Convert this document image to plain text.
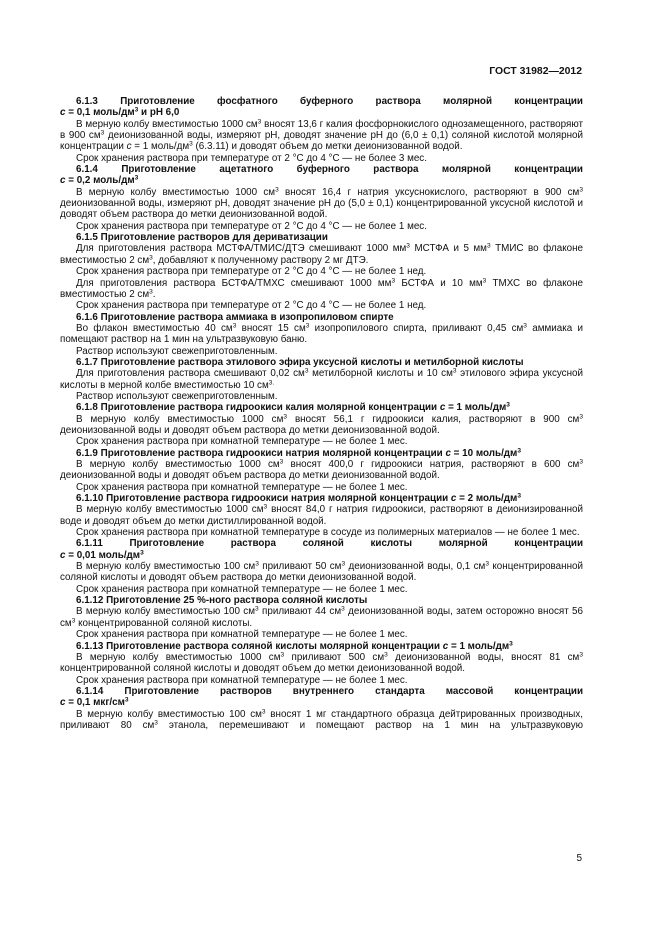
ГОСТ 31982—2012

6.1.3 Приготовление фосфатного буферного раствора молярной концентрации

c = 0,1 моль/$дм^3$ и pH 6,0

В мерную колбу вместимостью 1000 $см^3$ вносят 13,6 г калия фосфорнокислого однозамещенного, растворяют в 900 $см^3$ деионизованной воды, измеряют pH, доводят значение pH до (6,0 ± 0,1) соляной кислотой молярной концентрации c = 1 моль/$дм^3$ (6.3.11) и доводят объем до метки деионизованной водой.

Срок хранения раствора при температуре от 2 °С до 4 °С — не более 3 мес.

6.1.4 Приготовление ацетатного буферного раствора молярной концентрации

c = 0,2 моль/$дм^3$

В мерную колбу вместимостью 1000 $см^3$ вносят 16,4 г натрия уксуснокислого, растворяют в 900 $см^3$ деионизованной воды, измеряют pH, доводят значение pH до (5,0 ± 0,1) концентрированной уксусной кислотой и доводят объем раствора до метки деионизованной водой.

Срок хранения раствора при температуре от 2 °С до 4 °С — не более 1 мес.

6.1.5 Приготовление растворов для дериватизации

Для приготовления раствора МСТФА/ТМИС/ДТЭ смешивают 1000 $мм^3$ МСТФА и 5 $мм^3$ ТМИС во флаконе вместимостью 2 $см^3$, добавляют к полученному раствору 2 мг ДТЭ.

Срок хранения раствора при температуре от 2 °С до 4 °С — не более 1 нед.

Для приготовления раствора БСТФА/ТМХС смешивают 1000 $мм^3$ БСТФА и 10 $мм^3$ ТМХС во флаконе вместимостью 2 $см^3$.

Срок хранения раствора при температуре от 2 °С до 4 °С — не более 1 нед.

6.1.6 Приготовление раствора аммиака в изопропиловом спирте

Во флакон вместимостью 40 $см^3$ вносят 15 $см^3$ изопропилового спирта, приливают 0,45 $см^3$ аммиака и помещают раствор на 1 мин на ультразвуковую баню.

Раствор используют свежеприготовленным.

6.1.7 Приготовление раствора этилового эфира уксусной кислоты и метилборной кислоты

Для приготовления раствора смешивают 0,02 $см^3$ метилборной кислоты и 10 $см^3$ этилового эфира уксусной кислоты в мерной колбе вместимостью 10 $см^{3.}$

Раствор используют свежеприготовленным.

6.1.8 Приготовление раствора гидроокиси калия молярной концентрации c = 1 моль/$дм^3$

В мерную колбу вместимостью 1000 $см^3$ вносят 56,1 г гидроокиси калия, растворяют в 900 $см^3$ деионизованной воды и доводят объем раствора до метки деионизованной водой.

Срок хранения раствора при комнатной температуре — не более 1 мес.

6.1.9 Приготовление раствора гидроокиси натрия молярной концентрации c = 10 моль/$дм^3$

В мерную колбу вместимостью 1000 $см^3$ вносят 400,0 г гидроокиси натрия, растворяют в 600 $см^3$ деионизованной воды и доводят объем раствора до метки деионизованной водой.

Срок хранения раствора при комнатной температуре — не более 1 мес.

6.1.10 Приготовление раствора гидроокиси натрия молярной концентрации c = 2 моль/$дм^3$

В мерную колбу вместимостью 1000 $см^3$ вносят 84,0 г натрия гидроокиси, растворяют в деионизированной воде и доводят объем до метки дистиллированной водой.

Срок хранения раствора при комнатной температуре в сосуде из полимерных материалов — не более 1 мес.

6.1.11 Приготовление раствора соляной кислоты молярной концентрации

c = 0,01 моль/$дм^3$

В мерную колбу вместимостью 100 $см^3$ приливают 50 $см^3$ деионизованной воды, 0,1 $см^3$ концентрированной соляной кислоты и доводят объем раствора до метки деионизованной водой.

Срок хранения раствора при комнатной температуре — не более 1 мес.

6.1.12 Приготовление 25 %-ного раствора соляной кислоты

В мерную колбу вместимостью 100 $см^3$ приливают 44 $см^3$ деионизованной воды, затем осторожно вносят 56 $см^3$ концентрированной соляной кислоты.

Срок хранения раствора при комнатной температуре — не более 1 мес.

6.1.13 Приготовление раствора соляной кислоты молярной концентрации c = 1 моль/$дм^3$

В мерную колбу вместимостью 1000 $см^3$ приливают 500 $см^3$ деионизованной воды, вносят 81 $см^3$ концентрированной соляной кислоты и доводят объем до метки деионизованной водой.

Срок хранения раствора при комнатной температуре — не более 1 мес.

6.1.14 Приготовление растворов внутреннего стандарта массовой концентрации

c = 0,1 мкг/$см^3$

В мерную колбу вместимостью 100 $см^3$ вносят 1 мг стандартного образца дейтрированных производных, приливают 80 $см^3$ этанола, перемешивают и помещают раствор на 1 мин на ультразвуковую

5
